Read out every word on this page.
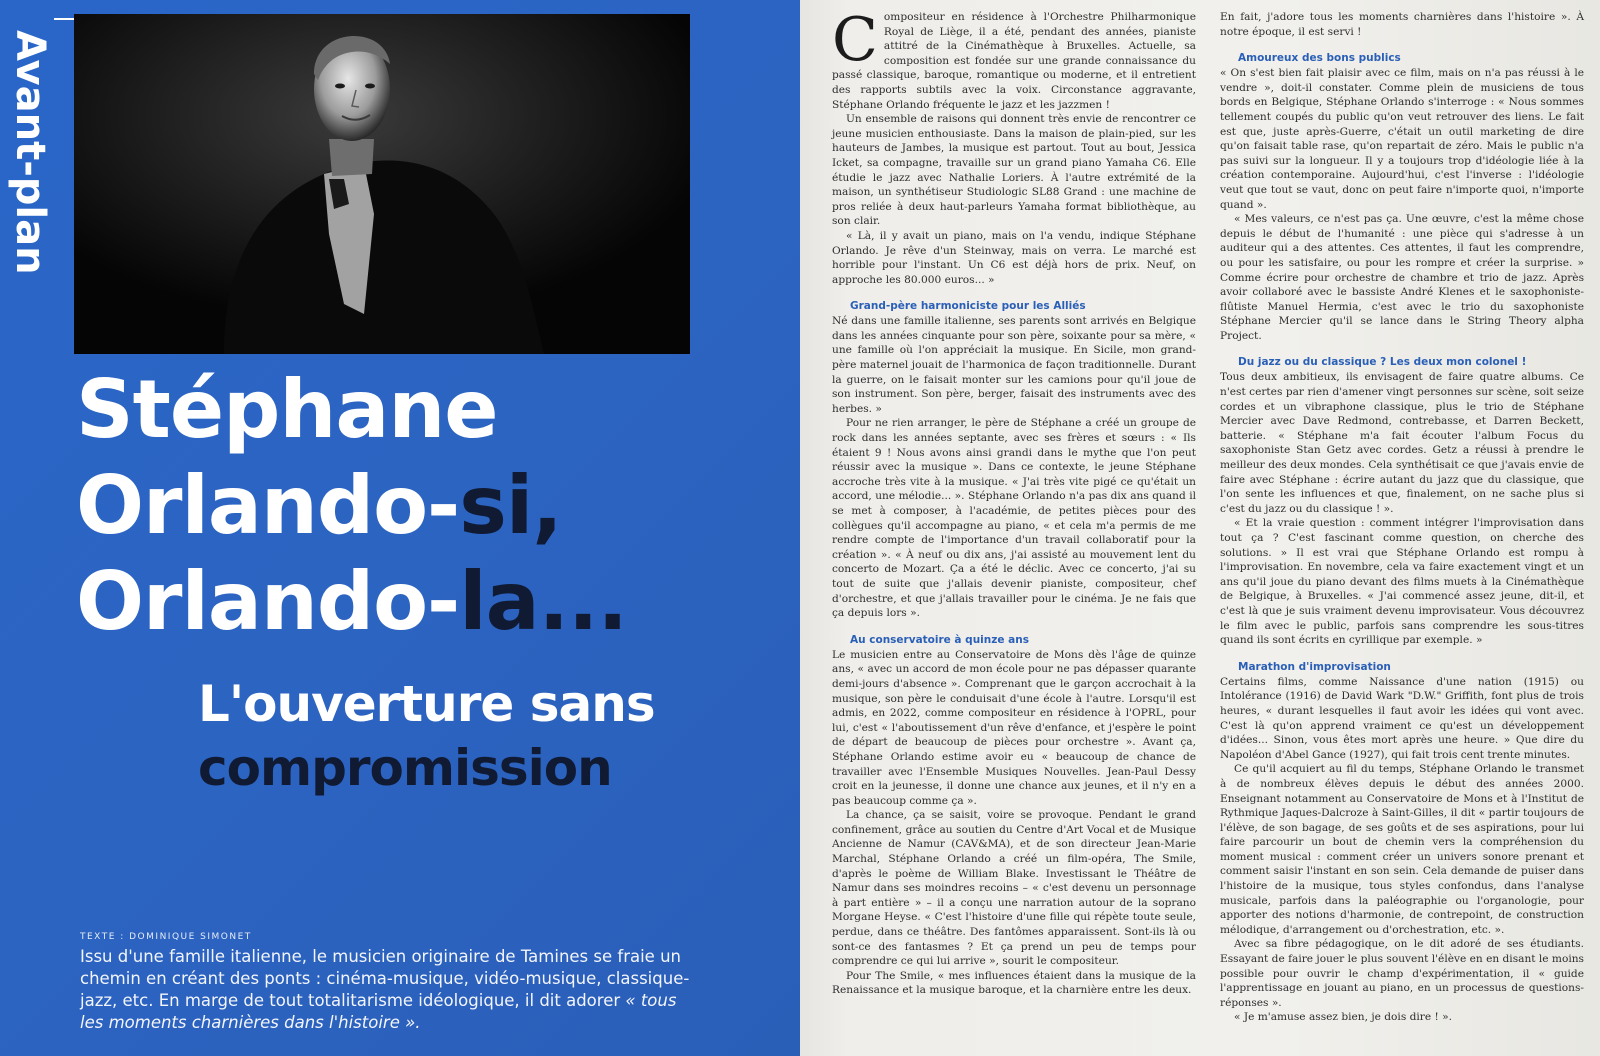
Avant-plan
Stéphane
Orlando-si,
Orlando-la...
L'ouverture sans
compromission
TEXTE : DOMINIQUE SIMONET
Issu d'une famille italienne, le musicien originaire de Tamines se fraie un chemin en créant des ponts : cinéma-musique, vidéo-musique, classique-jazz, etc. En marge de tout totalitarisme idéologique, il dit adorer « tous les moments charnières dans l'histoire ».

Compositeur en résidence à l'Orchestre Philharmonique Royal de Liège, il a été, pendant des années, pianiste attitré de la Cinémathèque à Bruxelles. Actuelle, sa composition est fondée sur une grande connaissance du passé classique, baroque, romantique ou moderne, et il entretient des rapports subtils avec la voix. Circonstance aggravante, Stéphane Orlando fréquente le jazz et les jazzmen !

Un ensemble de raisons qui donnent très envie de rencontrer ce jeune musicien enthousiaste. Dans la maison de plain-pied, sur les hauteurs de Jambes, la musique est partout. Tout au bout, Jessica Icket, sa compagne, travaille sur un grand piano Yamaha C6. Elle étudie le jazz avec Nathalie Loriers. À l'autre extrémité de la maison, un synthétiseur Studiologic SL88 Grand : une machine de pros reliée à deux haut-parleurs Yamaha format bibliothèque, au son clair.

« Là, il y avait un piano, mais on l'a vendu, indique Stéphane Orlando. Je rêve d'un Steinway, mais on verra. Le marché est horrible pour l'instant. Un C6 est déjà hors de prix. Neuf, on approche les 80.000 euros... »

Grand-père harmoniciste pour les Alliés

Né dans une famille italienne, ses parents sont arrivés en Belgique dans les années cinquante pour son père, soixante pour sa mère, « une famille où l'on appréciait la musique. En Sicile, mon grand-père maternel jouait de l'harmonica de façon traditionnelle. Durant la guerre, on le faisait monter sur les camions pour qu'il joue de son instrument. Son père, berger, faisait des instruments avec des herbes. »

Pour ne rien arranger, le père de Stéphane a créé un groupe de rock dans les années septante, avec ses frères et sœurs : « Ils étaient 9 ! Nous avons ainsi grandi dans le mythe que l'on peut réussir avec la musique ». Dans ce contexte, le jeune Stéphane accroche très vite à la musique. « J'ai très vite pigé ce qu'était un accord, une mélodie... ». Stéphane Orlando n'a pas dix ans quand il se met à composer, à l'académie, de petites pièces pour des collègues qu'il accompagne au piano, « et cela m'a permis de me rendre compte de l'importance d'un travail collaboratif pour la création ». « À neuf ou dix ans, j'ai assisté au mouvement lent du concerto de Mozart. Ça a été le déclic. Avec ce concerto, j'ai su tout de suite que j'allais devenir pianiste, compositeur, chef d'orchestre, et que j'allais travailler pour le cinéma. Je ne fais que ça depuis lors ».

Au conservatoire à quinze ans

Le musicien entre au Conservatoire de Mons dès l'âge de quinze ans, « avec un accord de mon école pour ne pas dépasser quarante demi-jours d'absence ». Comprenant que le garçon accrochait à la musique, son père le conduisait d'une école à l'autre. Lorsqu'il est admis, en 2022, comme compositeur en résidence à l'OPRL, pour lui, c'est « l'aboutissement d'un rêve d'enfance, et j'espère le point de départ de beaucoup de pièces pour orchestre ». Avant ça, Stéphane Orlando estime avoir eu « beaucoup de chance de travailler avec l'Ensemble Musiques Nouvelles. Jean-Paul Dessy croit en la jeunesse, il donne une chance aux jeunes, et il n'y en a pas beaucoup comme ça ».

La chance, ça se saisit, voire se provoque. Pendant le grand confinement, grâce au soutien du Centre d'Art Vocal et de Musique Ancienne de Namur (CAV&MA), et de son directeur Jean-Marie Marchal, Stéphane Orlando a créé un film-opéra, The Smile, d'après le poème de William Blake. Investissant le Théâtre de Namur dans ses moindres recoins – « c'est devenu un personnage à part entière » – il a conçu une narration autour de la soprano Morgane Heyse. « C'est l'histoire d'une fille qui répète toute seule, perdue, dans ce théâtre. Des fantômes apparaissent. Sont-ils là ou sont-ce des fantasmes ? Et ça prend un peu de temps pour comprendre ce qui lui arrive », sourit le compositeur.

Pour The Smile, « mes influences étaient dans la musique de la Renaissance et la musique baroque, et la charnière entre les deux.

En fait, j'adore tous les moments charnières dans l'histoire ». À notre époque, il est servi !

Amoureux des bons publics

« On s'est bien fait plaisir avec ce film, mais on n'a pas réussi à le vendre », doit-il constater. Comme plein de musiciens de tous bords en Belgique, Stéphane Orlando s'interroge : « Nous sommes tellement coupés du public qu'on veut retrouver des liens. Le fait est que, juste après-Guerre, c'était un outil marketing de dire qu'on faisait table rase, qu'on repartait de zéro. Mais le public n'a pas suivi sur la longueur. Il y a toujours trop d'idéologie liée à la création contemporaine. Aujourd'hui, c'est l'inverse : l'idéologie veut que tout se vaut, donc on peut faire n'importe quoi, n'importe quand ».

« Mes valeurs, ce n'est pas ça. Une œuvre, c'est la même chose depuis le début de l'humanité : une pièce qui s'adresse à un auditeur qui a des attentes. Ces attentes, il faut les comprendre, ou pour les satisfaire, ou pour les rompre et créer la surprise. » Comme écrire pour orchestre de chambre et trio de jazz. Après avoir collaboré avec le bassiste André Klenes et le saxophoniste-flûtiste Manuel Hermia, c'est avec le trio du saxophoniste Stéphane Mercier qu'il se lance dans le String Theory alpha Project.

Du jazz ou du classique ? Les deux mon colonel !

Tous deux ambitieux, ils envisagent de faire quatre albums. Ce n'est certes par rien d'amener vingt personnes sur scène, soit seize cordes et un vibraphone classique, plus le trio de Stéphane Mercier avec Dave Redmond, contrebasse, et Darren Beckett, batterie. « Stéphane m'a fait écouter l'album Focus du saxophoniste Stan Getz avec cordes. Getz a réussi à prendre le meilleur des deux mondes. Cela synthétisait ce que j'avais envie de faire avec Stéphane : écrire autant du jazz que du classique, que l'on sente les influences et que, finalement, on ne sache plus si c'est du jazz ou du classique ! ».

« Et la vraie question : comment intégrer l'improvisation dans tout ça ? C'est fascinant comme question, on cherche des solutions. » Il est vrai que Stéphane Orlando est rompu à l'improvisation. En novembre, cela va faire exactement vingt et un ans qu'il joue du piano devant des films muets à la Cinémathèque de Belgique, à Bruxelles. « J'ai commencé assez jeune, dit-il, et c'est là que je suis vraiment devenu improvisateur. Vous découvrez le film avec le public, parfois sans comprendre les sous-titres quand ils sont écrits en cyrillique par exemple. »

Marathon d'improvisation

Certains films, comme Naissance d'une nation (1915) ou Intolérance (1916) de David Wark "D.W." Griffith, font plus de trois heures, « durant lesquelles il faut avoir les idées qui vont avec. C'est là qu'on apprend vraiment ce qu'est un développement d'idées... Sinon, vous êtes mort après une heure. » Que dire du Napoléon d'Abel Gance (1927), qui fait trois cent trente minutes.

Ce qu'il acquiert au fil du temps, Stéphane Orlando le transmet à de nombreux élèves depuis le début des années 2000. Enseignant notamment au Conservatoire de Mons et à l'Institut de Rythmique Jaques-Dalcroze à Saint-Gilles, il dit « partir toujours de l'élève, de son bagage, de ses goûts et de ses aspirations, pour lui faire parcourir un bout de chemin vers la compréhension du moment musical : comment créer un univers sonore prenant et comment saisir l'instant en son sein. Cela demande de puiser dans l'histoire de la musique, tous styles confondus, dans l'analyse musicale, parfois dans la paléographie ou l'organologie, pour apporter des notions d'harmonie, de contrepoint, de construction mélodique, d'arrangement ou d'orchestration, etc. ».

Avec sa fibre pédagogique, on le dit adoré de ses étudiants. Essayant de faire jouer le plus souvent l'élève en en disant le moins possible pour ouvrir le champ d'expérimentation, il « guide l'apprentissage en jouant au piano, en un processus de questions-réponses ».

« Je m'amuse assez bien, je dois dire ! ».
